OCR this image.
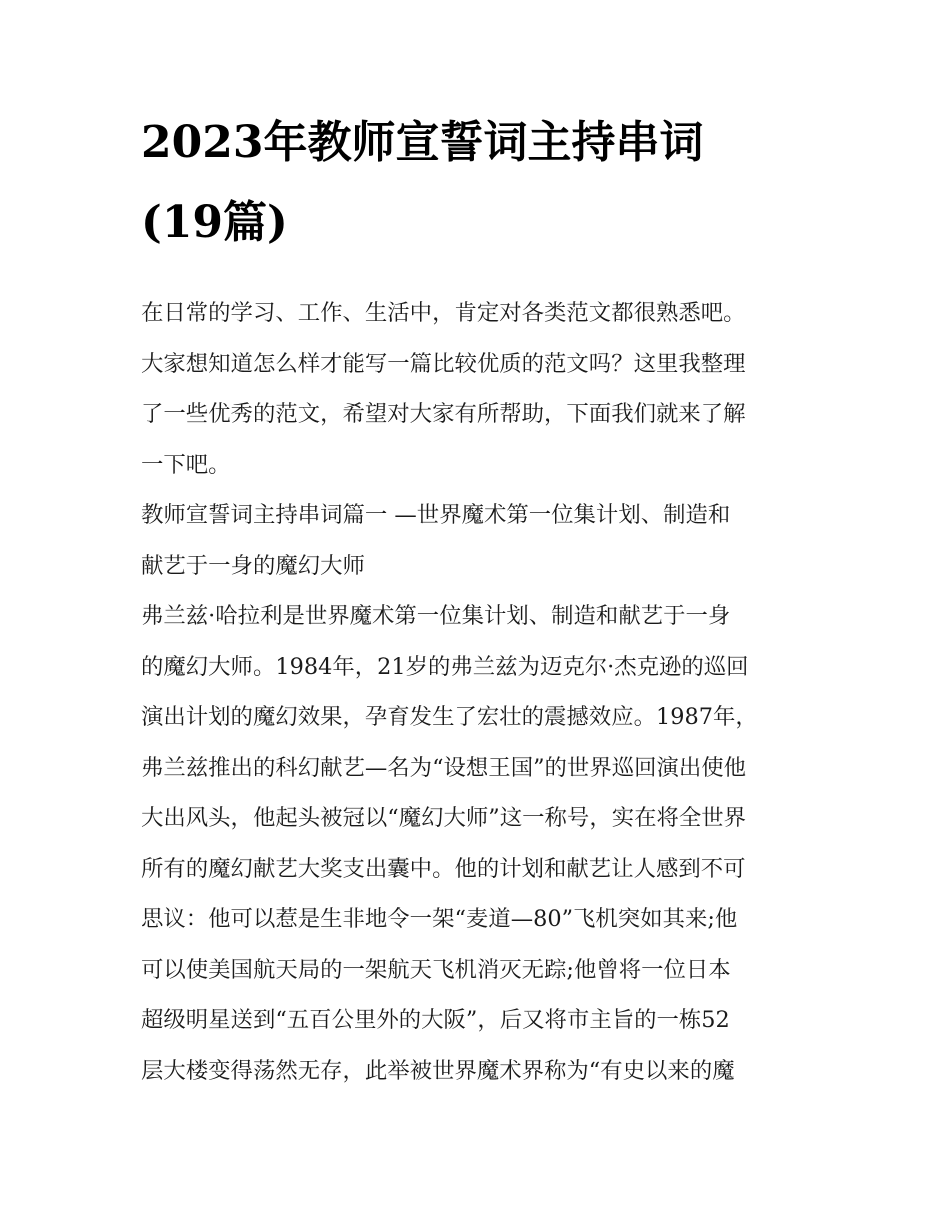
2023年教师宣誓词主持串词
(19篇)

在日常的学习、工作、生活中，肯定对各类范文都很熟悉吧。
大家想知道怎么样才能写一篇比较优质的范文吗？这里我整理
了一些优秀的范文，希望对大家有所帮助，下面我们就来了解
一下吧。

教师宣誓词主持串词篇一 —世界魔术第一位集计划、制造和
献艺于一身的魔幻大师

弗兰兹·哈拉利是世界魔术第一位集计划、制造和献艺于一身
的魔幻大师。1984年，21岁的弗兰兹为迈克尔·杰克逊的巡回
演出计划的魔幻效果，孕育发生了宏壮的震撼效应。1987年，
弗兰兹推出的科幻献艺—名为“设想王国”的世界巡回演出使他
大出风头，他起头被冠以“魔幻大师”这一称号，实在将全世界
所有的魔幻献艺大奖支出囊中。他的计划和献艺让人感到不可
思议：他可以惹是生非地令一架“麦道—80”飞机突如其来;他
可以使美国航天局的一架航天飞机消灭无踪;他曾将一位日本
超级明星送到“五百公里外的大阪”，后又将市主旨的一栋52
层大楼变得荡然无存，此举被世界魔术界称为“有史以来的魔
